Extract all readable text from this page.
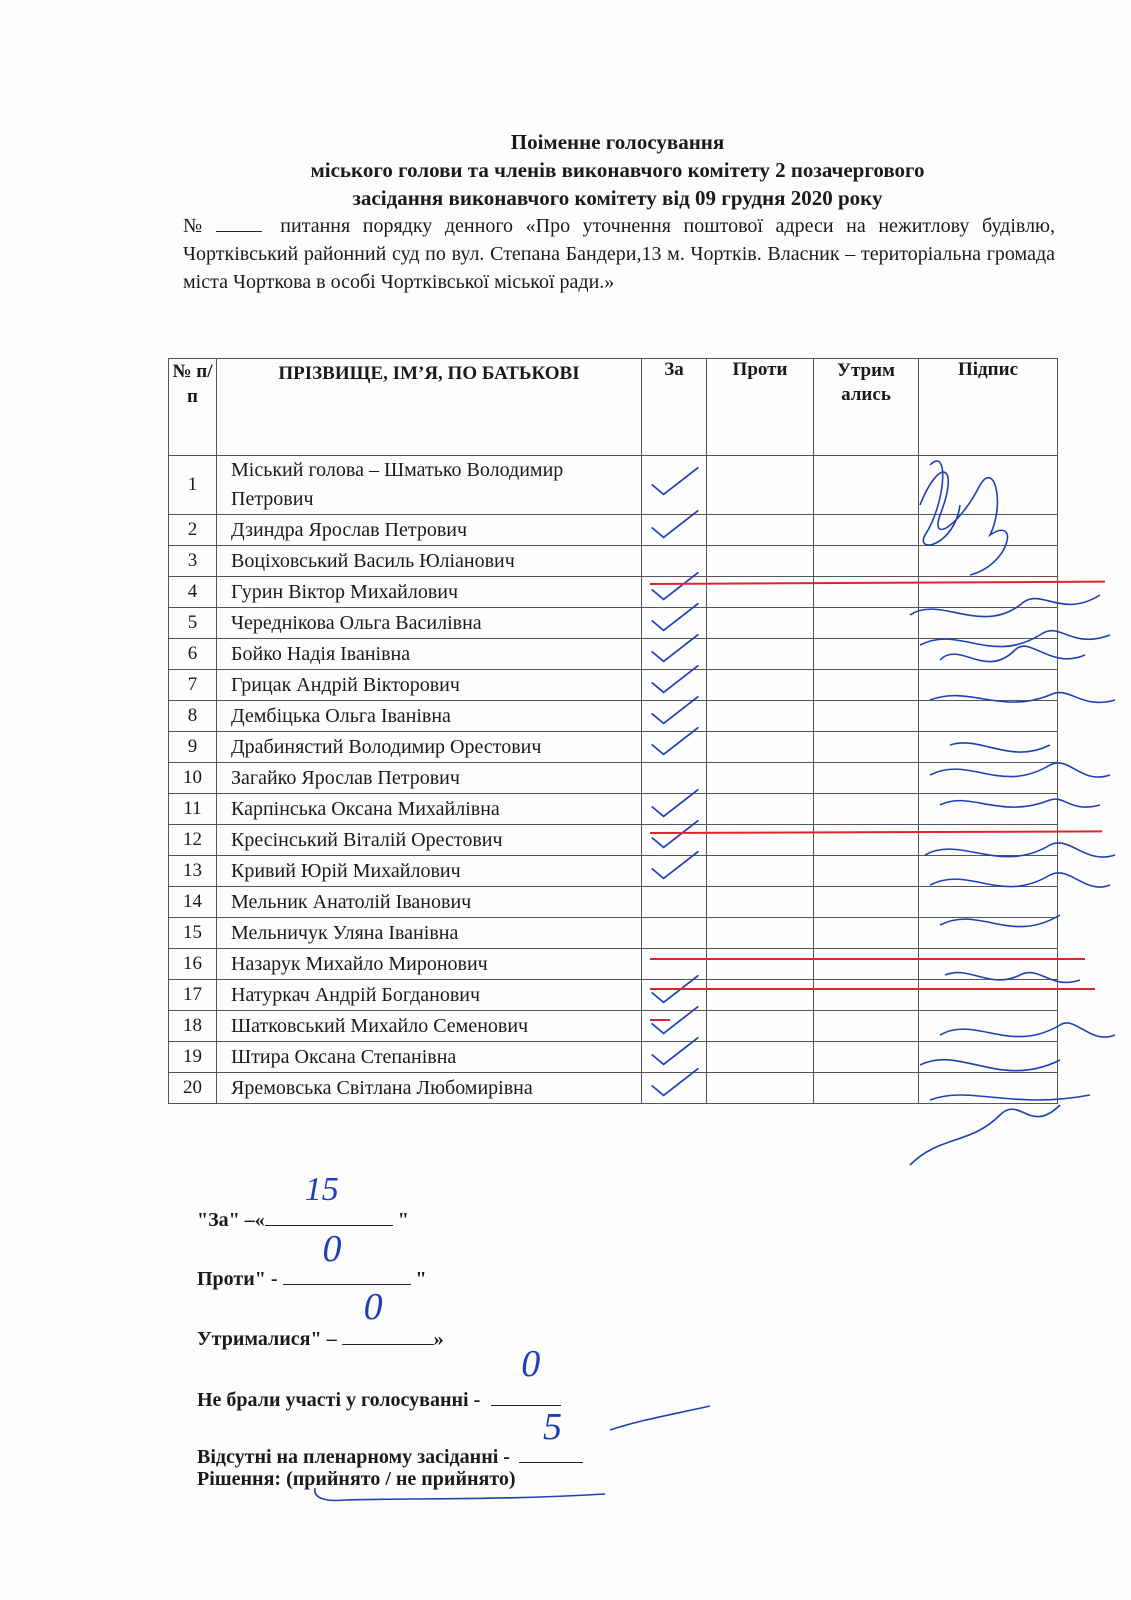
Поіменне голосування
міського голови та членів виконавчого комітету 2 позачергового
засідання виконавчого комітету від 09 грудня 2020 року
№	питання порядку денного «Про уточнення поштової адреси на нежитлову будівлю, Чортківський районний суд по вул. Степана Бандери,13 м. Чортків. Власник – територіальна громада міста Чорткова в особі Чортківської міської ради.»
№ п/п	ПРІЗВИЩЕ, ІМ’Я, ПО БАТЬКОВІ	За	Проти	Утрим ались	Підпис
1	Міський голова – Шматько Володимир Петрович	

2	Дзиндра Ярослав Петрович	

3	Воціховський Василь Юліанович				
4	Гурин Віктор Михайлович	

5	Череднікова Ольга Василівна	

6	Бойко Надія Іванівна	

7	Грицак Андрій Вікторович	

8	Дембіцька Ольга Іванівна	

9	Драбинястий Володимир Орестович	

10	Загайко Ярослав Петрович				
11	Карпінська Оксана Михайлівна	

12	Кресінський Віталій Орестович	

13	Кривий Юрій Михайлович	

14	Мельник Анатолій Іванович				
15	Мельничук Уляна Іванівна				
16	Назарук Михайло Миронович				
17	Натуркач Андрій Богданович	

18	Шатковський Михайло Семенович	

19	Штира Оксана Степанівна	

20	Яремовська Світлана Любомирівна	

"За" –«
15
"
Проти" -
0
"
Утрималися" –
0
»
Не брали участі у голосуванні -
0
Відсутні на пленарному засіданні -
5
Рішення: (прийнято / не прийнято)
